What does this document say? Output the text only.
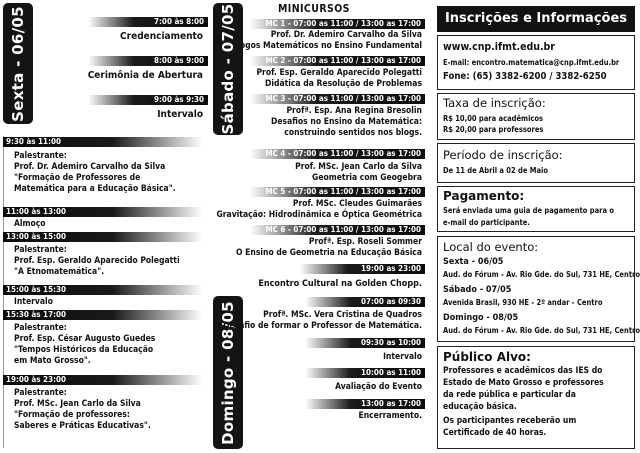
Sexta - 06/05	7:00 às 8:00
Credenciamento
8:00 às 9:00
Cerimônia de Abertura
9:00 às 9:30
Intervalo
9:30 às 11:00
Palestrante:
Prof. Dr. Ademiro Carvalho da Silva
"Formação de Professores de
Matemática para a Educação Básica".
11:00 às 13:00
Almoço
13:00 às 15:00
Palestrante:
Prof. Esp. Geraldo Aparecido Polegatti
"A Etnomatemática".
15:00 às 15:30
Intervalo
15:30 às 17:00
Palestrante:
Prof. Esp. César Augusto Guedes
"Tempos Históricos da Educação
em Mato Grosso".
19:00 às 23:00
Palestrante:
Prof. MSc. Jean Carlo da Silva
"Formação de professores:
Saberes e Práticas Educativas".
Sábado - 07/05	MINICURSOS
MC 1 - 07:00 as 11:00 / 13:00 as 17:00
Prof. Dr. Ademiro Carvalho da Silva
Jogos Matemáticos no Ensino Fundamental
MC 2 - 07:00 as 11:00 / 13:00 as 17:00
Prof. Esp. Geraldo Aparecido Polegatti
Didática da Resolução de Problemas
MC 3 - 07:00 as 11:00 / 13:00 as 17:00
Profª. Esp. Ana Regina Bresolin
Desafios no Ensino da Matemática:
construindo sentidos nos blogs.
MC 4 - 07:00 as 11:00 / 13:00 as 17:00
Prof. MSc. Jean Carlo da Silva
Geometria com Geogebra
MC 5 - 07:00 as 11:00 / 13:00 as 17:00
Prof. MSc. Cleudes Guimarães
Gravitação: Hidrodinâmica e Óptica Geométrica
MC 6 - 07:00 as 11:00 / 13:00 as 17:00
Profª. Esp. Roseli Sommer
O Ensino de Geometria na Educação Básica
19:00 as 23:00
Encontro Cultural na Golden Chopp.
Domingo - 08/05	07:00 as 09:30
Profª. MSc. Vera Cristina de Quadros
Desafio de formar o Professor de Matemática.
09:30 as 10:00
Intervalo
10:00 as 11:00
Avaliação do Evento
13:00 as 17:00
Encerramento.
Inscrições e Informações
www.cnp.ifmt.edu.br
E-mail: encontro.matematica@cnp.ifmt.edu.br
Fone: (65) 3382-6200 / 3382-6250
Taxa de inscrição:
R$ 10,00 para acadêmicos
R$ 20,00 para professores
Período de inscrição:
De 11 de Abril a 02 de Maio
Pagamento:
Será enviada uma guia de pagamento para o
e-mail do participante.
Local do evento:
Sexta - 06/05
Aud. do Fórum - Av. Rio Gde. do Sul, 731 HE, Centro
Sábado - 07/05
Avenida Brasil, 930 HE - 2º andar - Centro
Domingo - 08/05
Aud. do Fórum - Av. Rio Gde. do Sul, 731 HE, Centro
Público Alvo:
Professores e acadêmicos das IES do
Estado de Mato Grosso e professores
da rede pública e particular da
educação básica.
Os participantes receberão um
Certificado de 40 horas.
